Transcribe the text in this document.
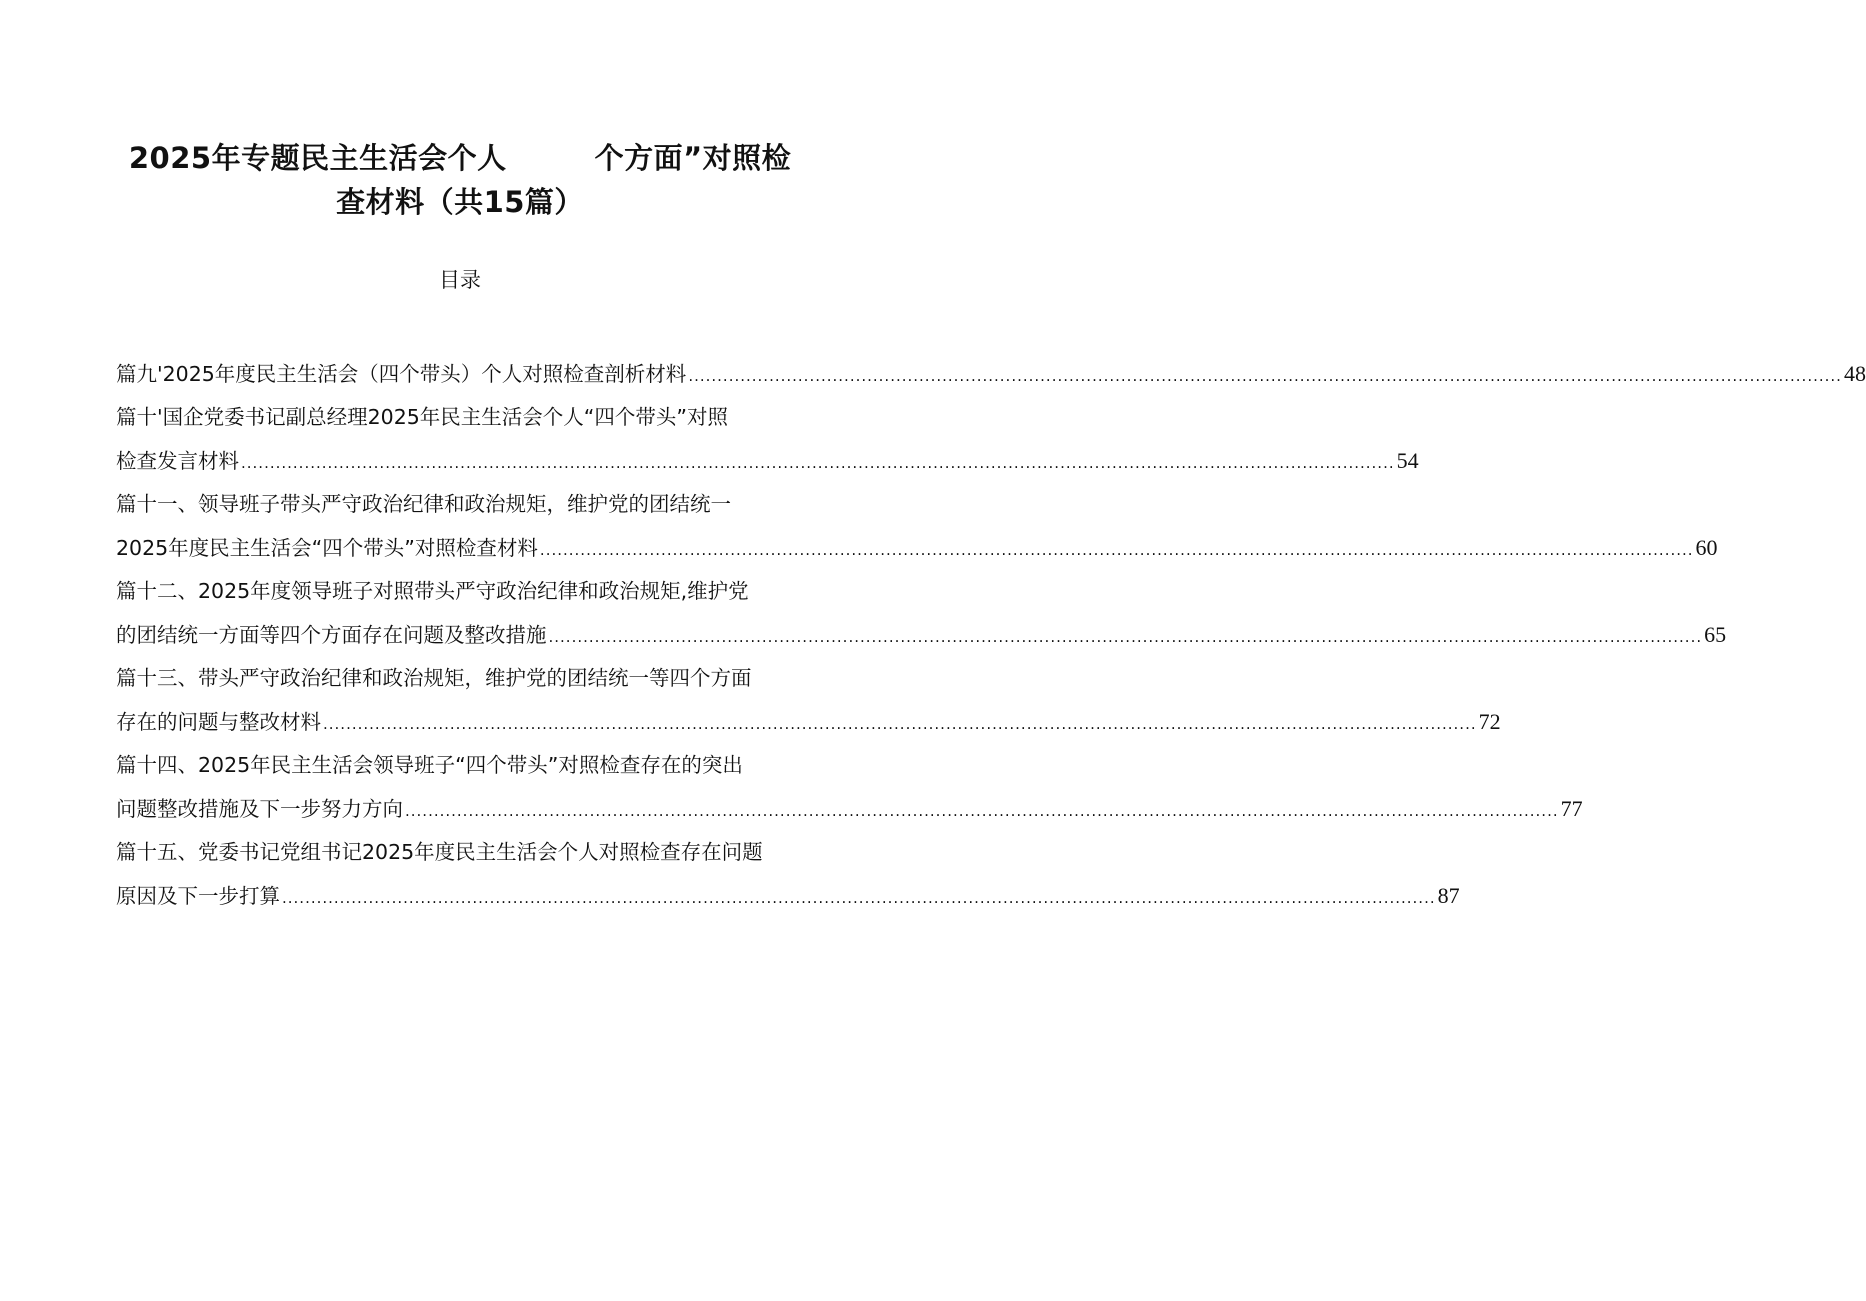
2025年专题民主生活会个人	个方面”对照检
查材料（共15篇）
目录
篇九'2025年度民主生活会（四个带头）个人对照检查剖析材料 ........................................................................................................................................................................................................ 48
篇十'国企党委书记副总经理2025年民主生活会个人“四个带头”对照
检查发言材料 ........................................................................................................................................................................................................ 54
篇十一、领导班子带头严守政治纪律和政治规矩，维护党的团结统一
2025年度民主生活会“四个带头”对照检查材料 ........................................................................................................................................................................................................ 60
篇十二、2025年度领导班子对照带头严守政治纪律和政治规矩,维护党
的团结统一方面等四个方面存在问题及整改措施 ........................................................................................................................................................................................................ 65
篇十三、带头严守政治纪律和政治规矩，维护党的团结统一等四个方面
存在的问题与整改材料 ........................................................................................................................................................................................................ 72
篇十四、2025年民主生活会领导班子“四个带头”对照检查存在的突出
问题整改措施及下一步努力方向 ........................................................................................................................................................................................................ 77
篇十五、党委书记党组书记2025年度民主生活会个人对照检查存在问题
原因及下一步打算 ........................................................................................................................................................................................................ 87
